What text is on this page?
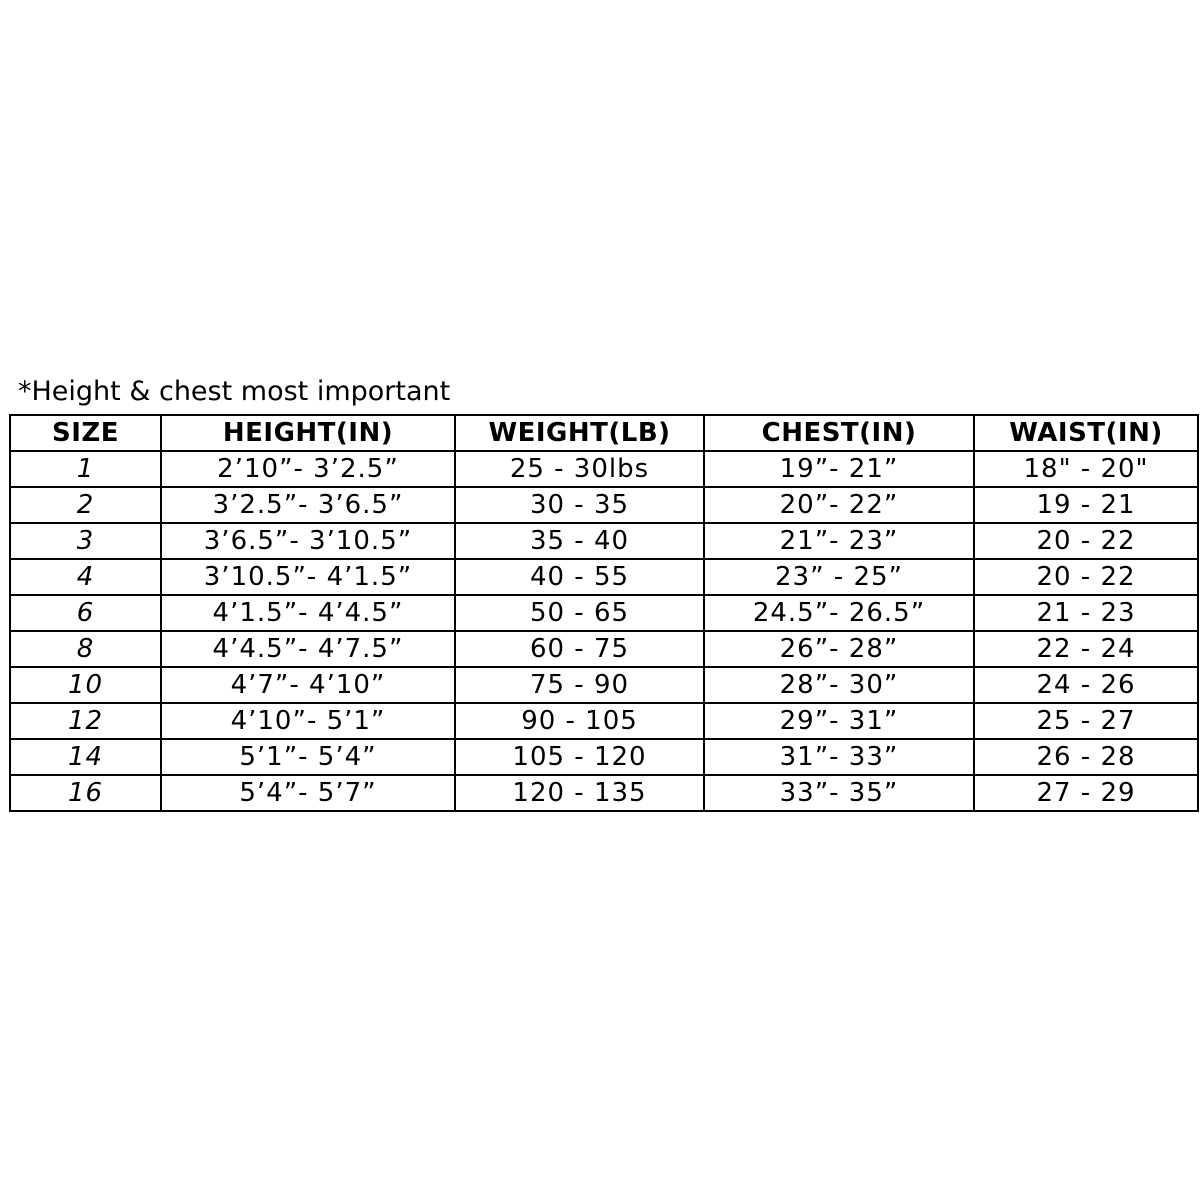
*Height & chest most important
SIZE	HEIGHT(IN)	WEIGHT(LB)	CHEST(IN)	WAIST(IN)
1	2’10”- 3’2.5”	25 - 30lbs	19”- 21”	18" - 20"
2	3’2.5”- 3’6.5”	30 - 35	20”- 22”	19 - 21
3	3’6.5”- 3’10.5”	35 - 40	21”- 23”	20 - 22
4	3’10.5”- 4’1.5”	40 - 55	23” - 25”	20 - 22
6	4’1.5”- 4’4.5”	50 - 65	24.5”- 26.5”	21 - 23
8	4’4.5”- 4’7.5”	60 - 75	26”- 28”	22 - 24
10	4’7”- 4’10”	75 - 90	28”- 30”	24 - 26
12	4’10”- 5’1”	90 - 105	29”- 31”	25 - 27
14	5’1”- 5’4”	105 - 120	31”- 33”	26 - 28
16	5’4”- 5’7”	120 - 135	33”- 35”	27 - 29
